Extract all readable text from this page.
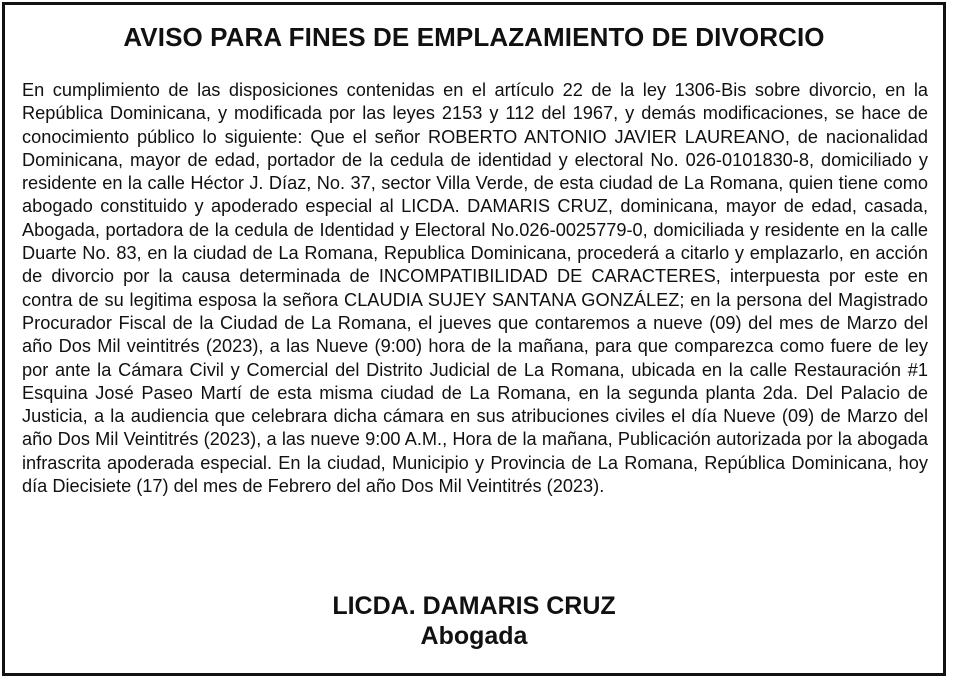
AVISO PARA FINES DE EMPLAZAMIENTO DE DIVORCIO
En cumplimiento de las disposiciones contenidas en el artículo 22 de la ley 1306-Bis sobre divorcio, en la República Dominicana, y modificada por las leyes 2153 y 112 del 1967, y demás modificaciones, se hace de conocimiento público lo siguiente: Que el señor ROBERTO ANTONIO JAVIER LAUREANO, de nacionalidad Dominicana, mayor de edad, portador de la cedula de identidad y electoral No. 026-0101830-8, domiciliado y residente en la calle Héctor J. Díaz, No. 37, sector Villa Verde, de esta ciudad de La Romana, quien tiene como abogado constituido y apoderado especial al LICDA. DAMARIS CRUZ, dominicana, mayor de edad, casada, Abogada, portadora de la cedula de Identidad y Electoral No.026-0025779-0, domiciliada y residente en la calle Duarte No. 83, en la ciudad de La Romana, Republica Dominicana, procederá a citarlo y emplazarlo, en acción de divorcio por la causa determinada de INCOMPATIBILIDAD DE CARACTERES, interpuesta por este en contra de su legitima esposa la señora CLAUDIA SUJEY SANTANA GONZÁLEZ; en la persona del Magistrado Procurador Fiscal de la Ciudad de La Romana, el jueves que contaremos a nueve (09) del mes de Marzo del año Dos Mil veintitrés (2023), a las Nueve (9:00) hora de la mañana, para que comparezca como fuere de ley por ante la Cámara Civil y Comercial del Distrito Judicial de La Romana, ubicada en la calle Restauración #1 Esquina José Paseo Martí de esta misma ciudad de La Romana, en la segunda planta 2da. Del Palacio de Justicia, a la audiencia que celebrara dicha cámara en sus atribuciones civiles el día Nueve (09) de Marzo del año Dos Mil Veintitrés (2023), a las nueve 9:00 A.M., Hora de la mañana, Publicación autorizada por la abogada infrascrita apoderada especial. En la ciudad, Municipio y Provincia de La Romana, República Dominicana, hoy día Diecisiete (17) del mes de Febrero del año Dos Mil Veintitrés (2023).
LICDA. DAMARIS CRUZ
Abogada
